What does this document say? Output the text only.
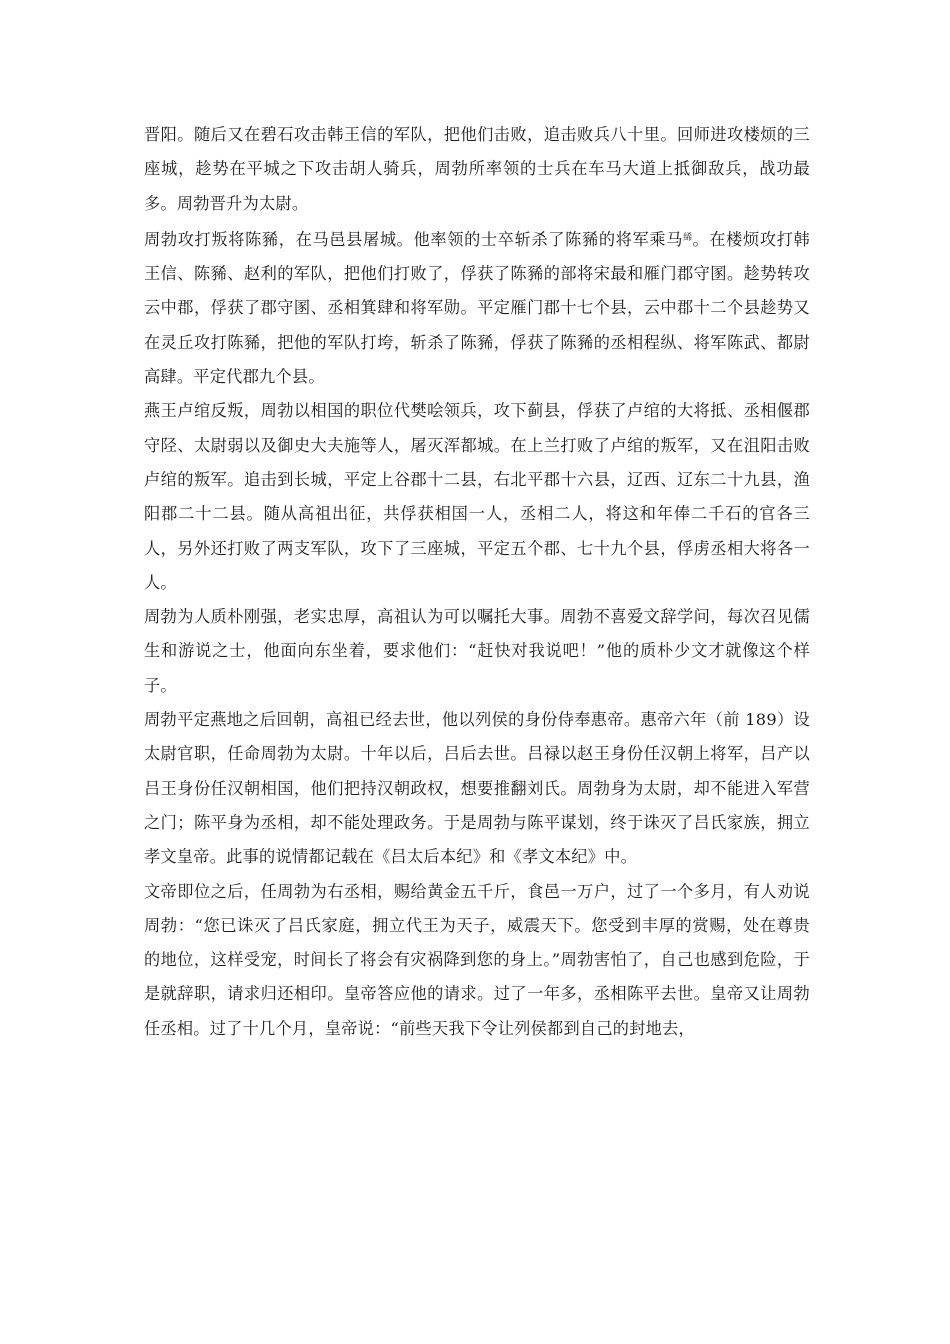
晋阳。随后又在碧石攻击韩王信的军队，把他们击败，追击败兵八十里。回师进攻楼烦的三座城，趁势在平城之下攻击胡人骑兵，周勃所率领的士兵在车马大道上抵御敌兵，战功最多。周勃晋升为太尉。

周勃攻打叛将陈豨，在马邑县屠城。他率领的士卒斩杀了陈豨的将军乘马$^絺$。在楼烦攻打韩王信、陈豨、赵利的军队，把他们打败了，俘获了陈豨的部将宋最和雁门郡守圂。趁势转攻云中郡，俘获了郡守圂、丞相箕肆和将军勋。平定雁门郡十七个县，云中郡十二个县趁势又在灵丘攻打陈豨，把他的军队打垮，斩杀了陈豨，俘获了陈豨的丞相程纵、将军陈武、都尉高肆。平定代郡九个县。

燕王卢绾反叛，周勃以相国的职位代樊哙领兵，攻下蓟县，俘获了卢绾的大将抵、丞相偃郡守陉、太尉弱以及御史大夫施等人，屠灭浑都城。在上兰打败了卢绾的叛军，又在沮阳击败卢绾的叛军。追击到长城，平定上谷郡十二县，右北平郡十六县，辽西、辽东二十九县，渔阳郡二十二县。随从高祖出征，共俘获相国一人，丞相二人，将这和年俸二千石的官各三人，另外还打败了两支军队，攻下了三座城，平定五个郡、七十九个县，俘虏丞相大将各一人。

周勃为人质朴刚强，老实忠厚，高祖认为可以嘱托大事。周勃不喜爱文辞学问，每次召见儒生和游说之士，他面向东坐着，要求他们：“赶快对我说吧！”他的质朴少文才就像这个样子。

周勃平定燕地之后回朝，高祖已经去世，他以列侯的身份侍奉惠帝。惠帝六年（前 189）设太尉官职，任命周勃为太尉。十年以后，吕后去世。吕禄以赵王身份任汉朝上将军，吕产以吕王身份任汉朝相国，他们把持汉朝政权，想要推翻刘氏。周勃身为太尉，却不能进入军营之门；陈平身为丞相，却不能处理政务。于是周勃与陈平谋划，终于诛灭了吕氏家族，拥立孝文皇帝。此事的说情都记载在《吕太后本纪》和《孝文本纪》中。

文帝即位之后，任周勃为右丞相，赐给黄金五千斤，食邑一万户，过了一个多月，有人劝说周勃：“您已诛灭了吕氏家庭，拥立代王为天子，威震天下。您受到丰厚的赏赐，处在尊贵的地位，这样受宠，时间长了将会有灾祸降到您的身上。”周勃害怕了，自己也感到危险，于是就辞职，请求归还相印。皇帝答应他的请求。过了一年多，丞相陈平去世。皇帝又让周勃任丞相。过了十几个月，皇帝说：“前些天我下令让列侯都到自己的封地去，
